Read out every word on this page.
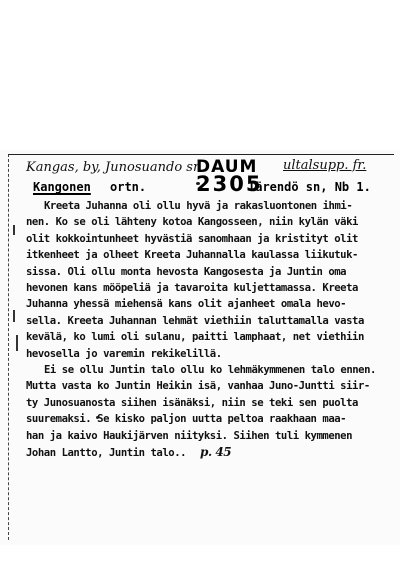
Kangas, by, Junosuando sn.
DAUM
2305
ultalsupp. fr.
Kangonen ortn.	Tärendö sn, Nb 1.
Kreeta Juhanna oli ollu hyvä ja rakasluontonen ihmi-
nen. Ko se oli lähteny kotoa Kangosseen, niin kylän väki
olit kokkointunheet hyvästiä sanomhaan ja kristityt olit
itkenheet ja olheet Kreeta Juhannalla kaulassa liikutuk-
sissa. Oli ollu monta hevosta Kangosesta ja Juntin oma
hevonen kans mööpeliä ja tavaroita kuljettamassa. Kreeta
Juhanna yhessä miehensä kans olit ajanheet omala hevo-
sella. Kreeta Juhannan lehmät viethiin taluttamalla vasta
kevälä, ko lumi oli sulanu, paitti lamphaat, net viethiin
hevosella jo varemin rekikelillä.
Ei se ollu Juntin talo ollu ko lehmäkymmenen talo ennen.
Mutta vasta ko Juntin Heikin isä, vanhaa Juno-Juntti siir-
ty Junosuanosta siihen isänäksi, niin se teki sen puolta
suuremaksi. Se kisko paljon uutta peltoa raakhaan maa-
han ja kaivo Haukijärven niityksi. Siihen tuli kymmenen
Johan Lantto, Juntin talo.. p. 45
